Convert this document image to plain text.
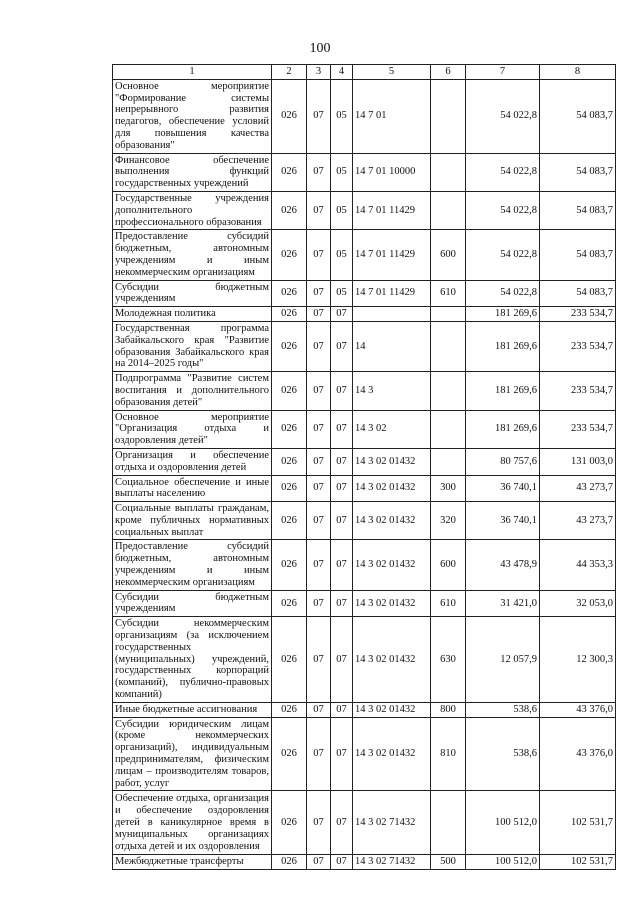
100
1	2	3	4	5	6	7	8
Основное мероприятие "Формирование системы непрерывного развития педагогов, обеспечение условий для повышения качества образования"	026	07	05	14 7 01		54 022,8	54 083,7
Финансовое обеспечение выполнения функций государственных учреждений	026	07	05	14 7 01 10000		54 022,8	54 083,7
Государственные учреждения дополнительного профессионального образования	026	07	05	14 7 01 11429		54 022,8	54 083,7
Предоставление субсидий бюджетным, автономным учреждениям и иным некоммерческим организациям	026	07	05	14 7 01 11429	600	54 022,8	54 083,7
Субсидии бюджетным учреждениям	026	07	05	14 7 01 11429	610	54 022,8	54 083,7
Молодежная политика	026	07	07			181 269,6	233 534,7
Государственная программа Забайкальского края "Развитие образования Забайкальского края на 2014–2025 годы"	026	07	07	14		181 269,6	233 534,7
Подпрограмма "Развитие систем воспитания и дополнительного образования детей"	026	07	07	14 3		181 269,6	233 534,7
Основное мероприятие "Организация отдыха и оздоровления детей"	026	07	07	14 3 02		181 269,6	233 534,7
Организация и обеспечение отдыха и оздоровления детей	026	07	07	14 3 02 01432		80 757,6	131 003,0
Социальное обеспечение и иные выплаты населению	026	07	07	14 3 02 01432	300	36 740,1	43 273,7
Социальные выплаты гражданам, кроме публичных нормативных социальных выплат	026	07	07	14 3 02 01432	320	36 740,1	43 273,7
Предоставление субсидий бюджетным, автономным учреждениям и иным некоммерческим организациям	026	07	07	14 3 02 01432	600	43 478,9	44 353,3
Субсидии бюджетным учреждениям	026	07	07	14 3 02 01432	610	31 421,0	32 053,0
Субсидии некоммерческим организациям (за исключением государственных (муниципальных) учреждений, государственных корпораций (компаний), публично-правовых компаний)	026	07	07	14 3 02 01432	630	12 057,9	12 300,3
Иные бюджетные ассигнования	026	07	07	14 3 02 01432	800	538,6	43 376,0
Субсидии юридическим лицам (кроме некоммерческих организаций), индивидуальным предпринимателям, физическим лицам – производителям товаров, работ, услуг	026	07	07	14 3 02 01432	810	538,6	43 376,0
Обеспечение отдыха, организация и обеспечение оздоровления детей в каникулярное время в муниципальных организациях отдыха детей и их оздоровления	026	07	07	14 3 02 71432		100 512,0	102 531,7
Межбюджетные трансферты	026	07	07	14 3 02 71432	500	100 512,0	102 531,7
